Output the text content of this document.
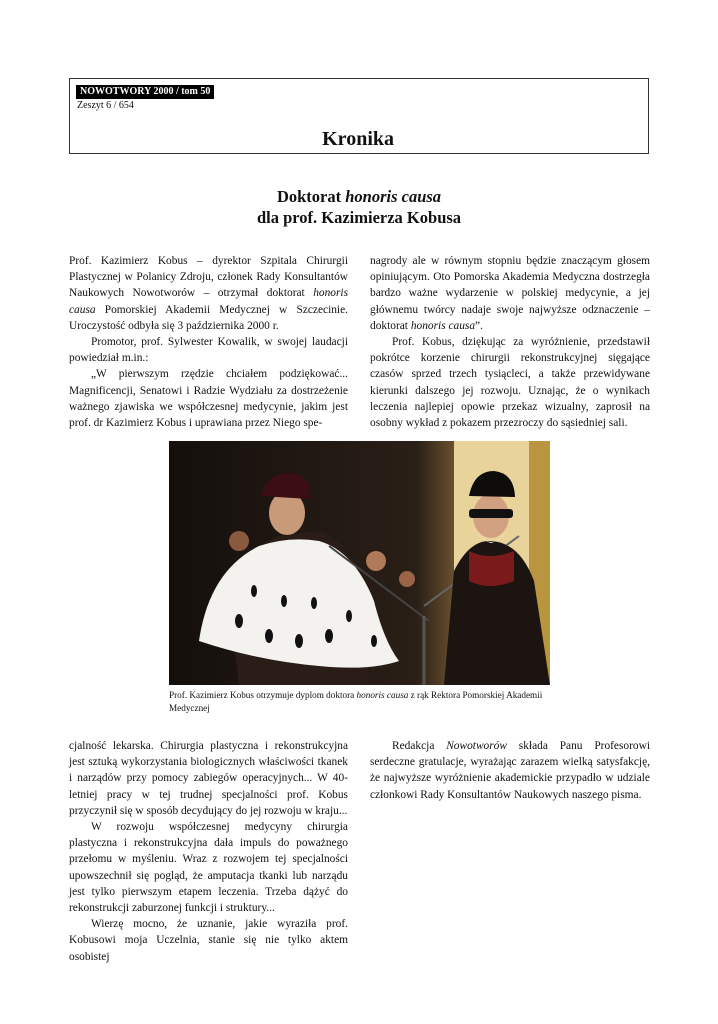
NOWOTWORY 2000 / tom 50
Zeszyt 6 / 654
Kronika
Doktorat honoris causa
dla prof. Kazimierza Kobusa

Prof. Kazimierz Kobus – dyrektor Szpitala Chirurgii Plastycznej w Polanicy Zdroju, członek Rady Konsultantów Naukowych Nowotworów – otrzymał doktorat honoris causa Pomorskiej Akademii Medycznej w Szczecinie. Uroczystość odbyła się 3 października 2000 r.

Promotor, prof. Sylwester Kowalik, w swojej laudacji powiedział m.in.:

„W pierwszym rzędzie chciałem podziękować... Magnificencji, Senatowi i Radzie Wydziału za dostrzeżenie ważnego zjawiska we współczesnej medycynie, jakim jest prof. dr Kazimierz Kobus i uprawiana przez Niego spe-

nagrody ale w równym stopniu będzie znaczącym głosem opiniującym. Oto Pomorska Akademia Medyczna dostrzegła bardzo ważne wydarzenie w polskiej medycynie, a jej głównemu twórcy nadaje swoje najwyższe odznaczenie – doktorat honoris causa”.

Prof. Kobus, dziękując za wyróżnienie, przedstawił pokrótce korzenie chirurgii rekonstrukcyjnej sięgające czasów sprzed trzech tysiącleci, a także przewidywane kierunki dalszego jej rozwoju. Uznając, że o wynikach leczenia najlepiej opowie przekaz wizualny, zaprosił na osobny wykład z pokazem przezroczy do sąsiedniej sali.

Prof. Kazimierz Kobus otrzymuje dyplom doktora honoris causa z rąk Rektora Pomorskiej Akademii Medycznej

cjalność lekarska. Chirurgia plastyczna i rekonstrukcyjna jest sztuką wykorzystania biologicznych właściwości tkanek i narządów przy pomocy zabiegów operacyjnych... W 40-letniej pracy w tej trudnej specjalności prof. Kobus przyczynił się w sposób decydujący do jej rozwoju w kraju...

W rozwoju współczesnej medycyny chirurgia plastyczna i rekonstrukcyjna dała impuls do poważnego przełomu w myśleniu. Wraz z rozwojem tej specjalności upowszechnił się pogląd, że amputacja tkanki lub narządu jest tylko pierwszym etapem leczenia. Trzeba dążyć do rekonstrukcji zaburzonej funkcji i struktury...

Wierzę mocno, że uznanie, jakie wyraziła prof. Kobusowi moja Uczelnia, stanie się nie tylko aktem osobistej

Redakcja Nowotworów składa Panu Profesorowi serdeczne gratulacje, wyrażając zarazem wielką satysfakcję, że najwyższe wyróżnienie akademickie przypadło w udziale członkowi Rady Konsultantów Naukowych naszego pisma.
